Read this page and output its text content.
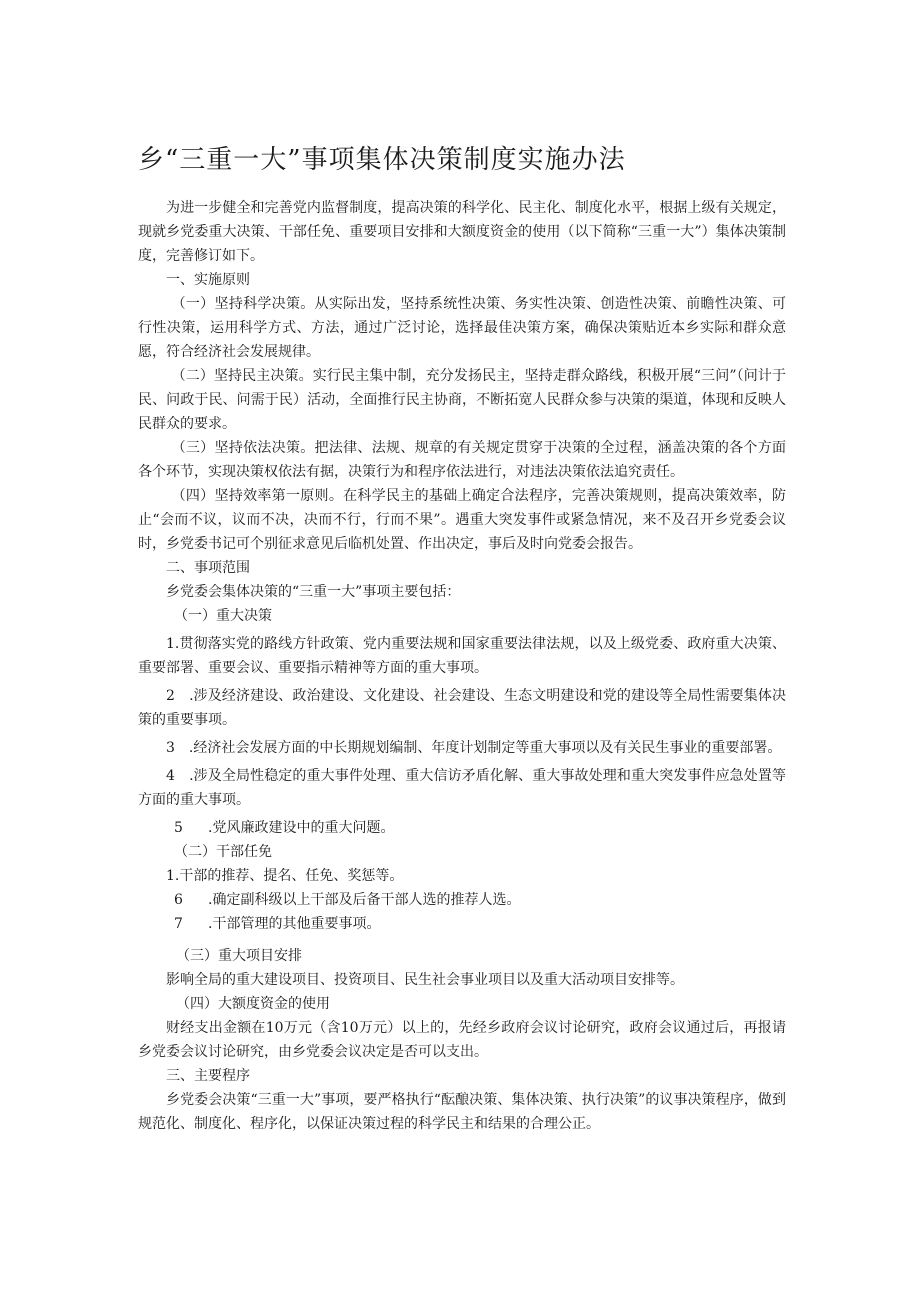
乡“三重一大”事项集体决策制度实施办法

为进一步健全和完善党内监督制度，提高决策的科学化、民主化、制度化水平，根据上级有关规定，现就乡党委重大决策、干部任免、重要项目安排和大额度资金的使用（以下简称“三重一大”）集体决策制度，完善修订如下。

一、实施原则

（一）坚持科学决策。从实际出发，坚持系统性决策、务实性决策、创造性决策、前瞻性决策、可行性决策，运用科学方式、方法，通过广泛讨论，选择最佳决策方案，确保决策贴近本乡实际和群众意愿，符合经济社会发展规律。

（二）坚持民主决策。实行民主集中制，充分发扬民主，坚持走群众路线，积极开展“三问”（问计于民、问政于民、问需于民）活动，全面推行民主协商，不断拓宽人民群众参与决策的渠道，体现和反映人民群众的要求。

（三）坚持依法决策。把法律、法规、规章的有关规定贯穿于决策的全过程，涵盖决策的各个方面各个环节，实现决策权依法有据，决策行为和程序依法进行，对违法决策依法追究责任。

（四）坚持效率第一原则。在科学民主的基础上确定合法程序，完善决策规则，提高决策效率，防止“会而不议，议而不决，决而不行，行而不果”。遇重大突发事件或紧急情况，来不及召开乡党委会议时，乡党委书记可个别征求意见后临机处置、作出决定，事后及时向党委会报告。

二、事项范围

乡党委会集体决策的“三重一大”事项主要包括：

（一）重大决策

1.贯彻落实党的路线方针政策、党内重要法规和国家重要法律法规，以及上级党委、政府重大决策、重要部署、重要会议、重要指示精神等方面的重大事项。

2　.涉及经济建设、政治建设、文化建设、社会建设、生态文明建设和党的建设等全局性需要集体决策的重要事项。

3　.经济社会发展方面的中长期规划编制、年度计划制定等重大事项以及有关民生事业的重要部署。

4　.涉及全局性稳定的重大事件处理、重大信访矛盾化解、重大事故处理和重大突发事件应急处置等方面的重大事项。

5	.党风廉政建设中的重大问题。

（二）干部任免

1.干部的推荐、提名、任免、奖惩等。

6	.确定副科级以上干部及后备干部人选的推荐人选。

7	.干部管理的其他重要事项。

（三）重大项目安排

影响全局的重大建设项目、投资项目、民生社会事业项目以及重大活动项目安排等。

（四）大额度资金的使用

财经支出金额在10万元（含10万元）以上的，先经乡政府会议讨论研究，政府会议通过后，再报请乡党委会议讨论研究，由乡党委会议决定是否可以支出。

三、主要程序

乡党委会决策“三重一大”事项，要严格执行“酝酿决策、集体决策、执行决策”的议事决策程序，做到规范化、制度化、程序化，以保证决策过程的科学民主和结果的合理公正。
